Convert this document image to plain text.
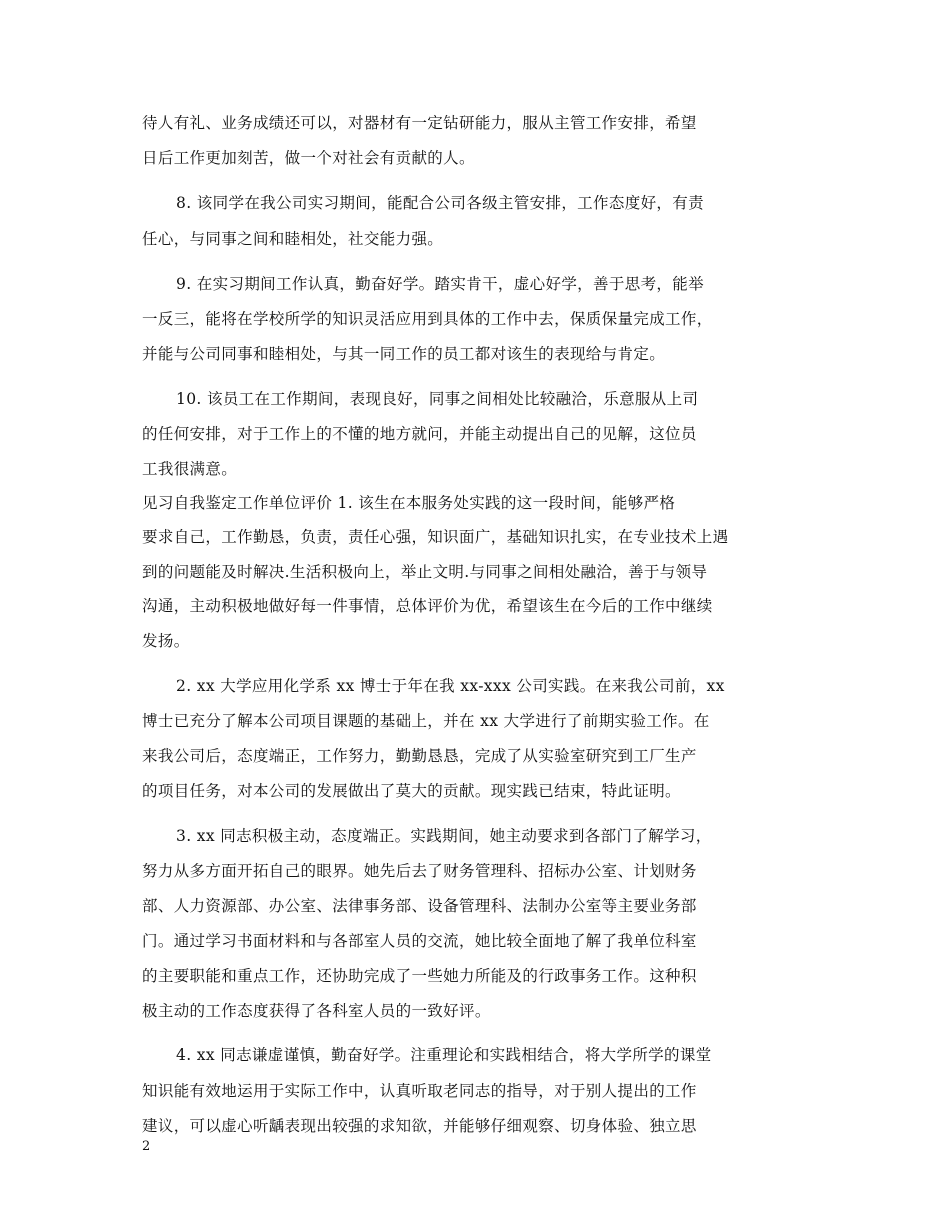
待人有礼、业务成绩还可以，对器材有一定钻研能力，服从主管工作安排，希望
日后工作更加刻苦，做一个对社会有贡献的人。
8. 该同学在我公司实习期间，能配合公司各级主管安排，工作态度好，有责
任心，与同事之间和睦相处，社交能力强。
9. 在实习期间工作认真，勤奋好学。踏实肯干，虚心好学，善于思考，能举
一反三，能将在学校所学的知识灵活应用到具体的工作中去，保质保量完成工作，
并能与公司同事和睦相处，与其一同工作的员工都对该生的表现给与肯定。
10. 该员工在工作期间，表现良好，同事之间相处比较融洽，乐意服从上司
的任何安排，对于工作上的不懂的地方就问，并能主动提出自己的见解，这位员
工我很满意。
见习自我鉴定工作单位评价 1. 该生在本服务处实践的这一段时间，能够严格
要求自己，工作勤恳，负责，责任心强，知识面广，基础知识扎实，在专业技术上遇
到的问题能及时解决.生活积极向上，举止文明.与同事之间相处融洽，善于与领导
沟通，主动积极地做好每一件事情，总体评价为优，希望该生在今后的工作中继续
发扬。
2. xx 大学应用化学系 xx 博士于年在我 xx-xxx 公司实践。在来我公司前，xx
博士已充分了解本公司项目课题的基础上，并在 xx 大学进行了前期实验工作。在
来我公司后，态度端正，工作努力，勤勤恳恳，完成了从实验室研究到工厂生产
的项目任务，对本公司的发展做出了莫大的贡献。现实践已结束，特此证明。
3. xx 同志积极主动，态度端正。实践期间，她主动要求到各部门了解学习，
努力从多方面开拓自己的眼界。她先后去了财务管理科、招标办公室、计划财务
部、人力资源部、办公室、法律事务部、设备管理科、法制办公室等主要业务部
门。通过学习书面材料和与各部室人员的交流，她比较全面地了解了我单位科室
的主要职能和重点工作，还协助完成了一些她力所能及的行政事务工作。这种积
极主动的工作态度获得了各科室人员的一致好评。
4. xx 同志谦虚谨慎，勤奋好学。注重理论和实践相结合，将大学所学的课堂
知识能有效地运用于实际工作中，认真听取老同志的指导，对于别人提出的工作
建议，可以虚心听龋表现出较强的求知欲，并能够仔细观察、切身体验、独立思
2
